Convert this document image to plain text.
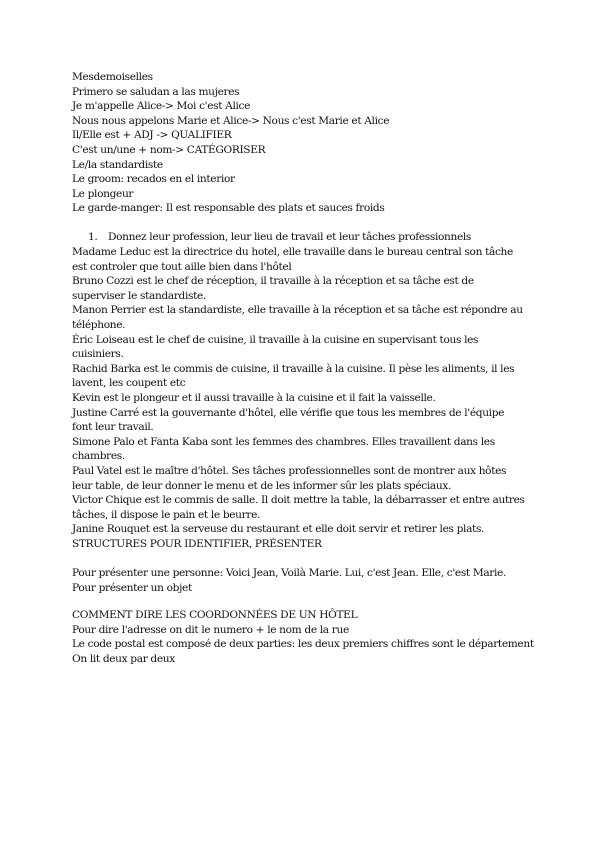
Mesdemoiselles
Primero se saludan a las mujeres
Je m'appelle Alice-> Moi c'est Alice
Nous nous appelons Marie et Alice-> Nous c'est Marie et Alice
Il/Elle est + ADJ -> QUALIFIER
C'est un/une + nom-> CATÉGORISER
Le/la standardiste
Le groom: recados en el interior
Le plongeur
Le garde-manger: Il est responsable des plats et sauces froids
1. Donnez leur profession, leur lieu de travail et leur tâches professionnels

Madame Leduc est la directrice du hotel, elle travaille dans le bureau central son tâche est controler que tout aille bien dans l'hôtel

Bruno Cozzi est le chef de réception, il travaille à la réception et sa tâche est de superviser le standardiste.

Manon Perrier est la standardiste, elle travaille à la réception et sa tâche est répondre au téléphone.

Éric Loiseau est le chef de cuisine, il travaille à la cuisine en supervisant tous les cuisiniers.

Rachid Barka est le commis de cuisine, il travaille à la cuisine. Il pèse les aliments, il les lavent, les coupent etc

Kevin est le plongeur et il aussi travaille à la cuisine et il fait la vaisselle.

Justine Carré est la gouvernante d'hôtel, elle vérifie que tous les membres de l'équipe font leur travail.

Simone Palo et Fanta Kaba sont les femmes des chambres. Elles travaillent dans les chambres.

Paul Vatel est le maître d'hôtel. Ses tâches professionnelles sont de montrer aux hôtes leur table, de leur donner le menu et de les informer sûr les plats spéciaux.

Victor Chique est le commis de salle. Il doit mettre la table, la débarrasser et entre autres tâches, il dispose le pain et le beurre.

Janine Rouquet est la serveuse du restaurant et elle doit servir et retirer les plats.

STRUCTURES POUR IDENTIFIER, PRÉSENTER
Pour présenter une personne: Voici Jean, Voilà Marie. Lui, c'est Jean. Elle, c'est Marie.
Pour présenter un objet
COMMENT DIRE LES COORDONNÉES DE UN HÔTEL
Pour dire l'adresse on dit le numero + le nom de la rue
Le code postal est composé de deux parties: les deux premiers chiffres sont le département
On lit deux par deux
